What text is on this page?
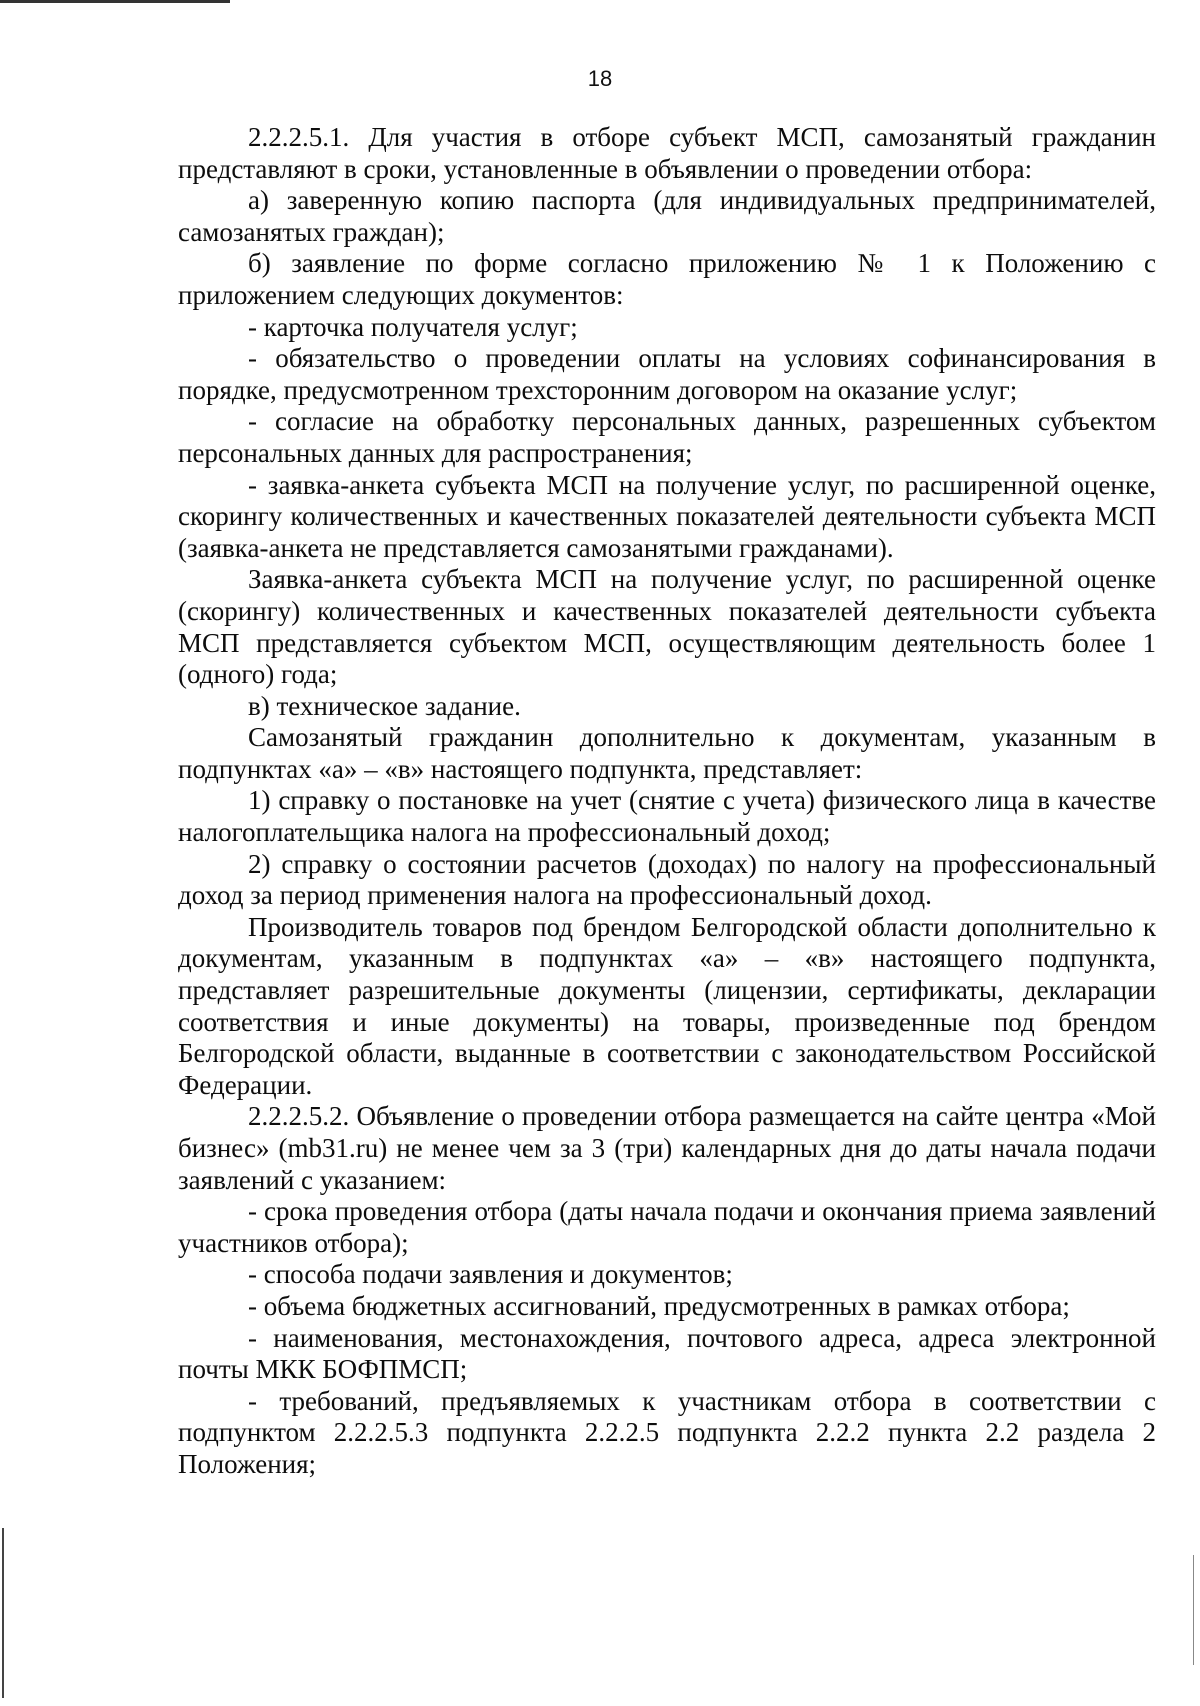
18

2.2.2.5.1. Для участия в отборе субъект МСП, самозанятый гражданин представляют в сроки, установленные в объявлении о проведении отбора:

а) заверенную копию паспорта (для индивидуальных предпринимателей, самозанятых граждан);

б) заявление по форме согласно приложению № 1 к Положению с приложением следующих документов:

- карточка получателя услуг;

- обязательство о проведении оплаты на условиях софинансирования в порядке, предусмотренном трехсторонним договором на оказание услуг;

- согласие на обработку персональных данных, разрешенных субъектом персональных данных для распространения;

- заявка-анкета субъекта МСП на получение услуг, по расширенной оценке, скорингу количественных и качественных показателей деятельности субъекта МСП (заявка-анкета не представляется самозанятыми гражданами).

Заявка-анкета субъекта МСП на получение услуг, по расширенной оценке (скорингу) количественных и качественных показателей деятельности субъекта МСП представляется субъектом МСП, осуществляющим деятельность более 1 (одного) года;

в) техническое задание.

Самозанятый гражданин дополнительно к документам, указанным в подпунктах «а» – «в» настоящего подпункта, представляет:

1) справку о постановке на учет (снятие с учета) физического лица в качестве налогоплательщика налога на профессиональный доход;

2) справку о состоянии расчетов (доходах) по налогу на профессиональный доход за период применения налога на профессиональный доход.

Производитель товаров под брендом Белгородской области дополнительно к документам, указанным в подпунктах «а» – «в» настоящего подпункта, представляет разрешительные документы (лицензии, сертификаты, декларации соответствия и иные документы) на товары, произведенные под брендом Белгородской области, выданные в соответствии с законодательством Российской Федерации.

2.2.2.5.2. Объявление о проведении отбора размещается на сайте центра «Мой бизнес» (mb31.ru) не менее чем за 3 (три) календарных дня до даты начала подачи заявлений с указанием:

- срока проведения отбора (даты начала подачи и окончания приема заявлений участников отбора);

- способа подачи заявления и документов;

- объема бюджетных ассигнований, предусмотренных в рамках отбора;

- наименования, местонахождения, почтового адреса, адреса электронной почты МКК БОФПМСП;

- требований, предъявляемых к участникам отбора в соответствии с подпунктом 2.2.2.5.3 подпункта 2.2.2.5 подпункта 2.2.2 пункта 2.2 раздела 2 Положения;
